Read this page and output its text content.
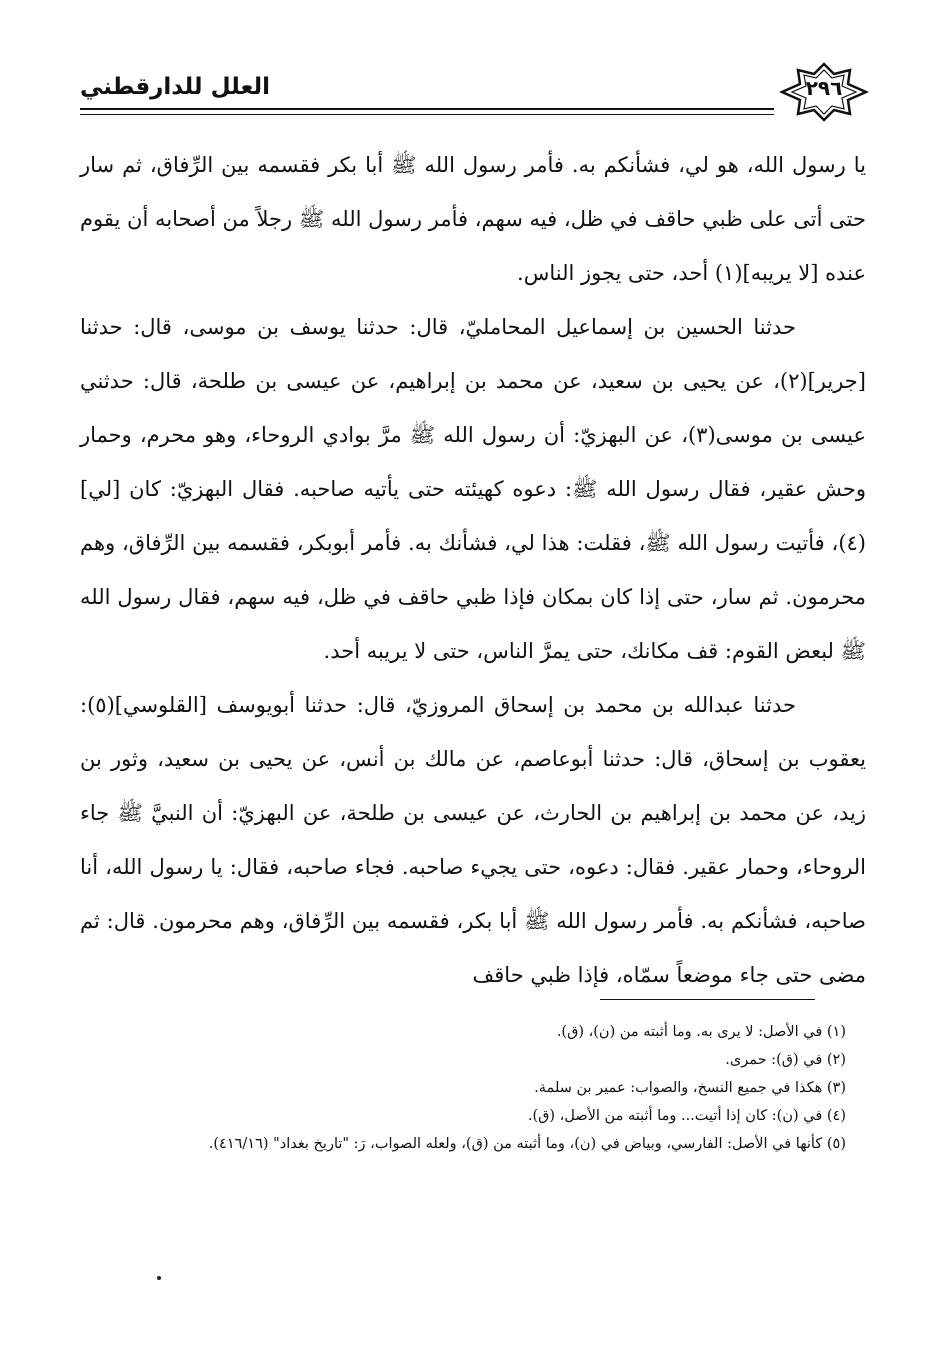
العلل للدارقطني	٢٩٦

يا رسول الله، هو لي، فشأنكم به. فأمر رسول الله ﷺ أبا بكر فقسمه بين الرِّفاق، ثم سار حتى أتى على ظبي حاقف في ظل، فيه سهم، فأمر رسول الله ﷺ رجلاً من أصحابه أن يقوم عنده [لا يريبه](١) أحد، حتى يجوز الناس.

حدثنا الحسين بن إسماعيل المحامليّ، قال: حدثنا يوسف بن موسى، قال: حدثنا [جرير](٢)، عن يحيى بن سعيد، عن محمد بن إبراهيم، عن عيسى بن طلحة، قال: حدثني عيسى بن موسى(٣)، عن البهزيّ: أن رسول الله ﷺ مرَّ بوادي الروحاء، وهو محرم، وحمار وحش عقير، فقال رسول الله ﷺ: دعوه كهيئته حتى يأتيه صاحبه. فقال البهزيّ: كان [لي](٤)، فأتيت رسول الله ﷺ، فقلت: هذا لي، فشأنك به. فأمر أبوبكر، فقسمه بين الرِّفاق، وهم محرمون. ثم سار، حتى إذا كان بمكان فإذا ظبي حاقف في ظل، فيه سهم، فقال رسول الله ﷺ لبعض القوم: قف مكانك، حتى يمرَّ الناس، حتى لا يريبه أحد.

حدثنا عبدالله بن محمد بن إسحاق المروزيّ، قال: حدثنا أبويوسف [القلوسي](٥): يعقوب بن إسحاق، قال: حدثنا أبوعاصم، عن مالك بن أنس، عن يحيى بن سعيد، وثور بن زيد، عن محمد بن إبراهيم بن الحارث، عن عيسى بن طلحة، عن البهزيّ: أن النبيَّ ﷺ جاء الروحاء، وحمار عقير. فقال: دعوه، حتى يجيء صاحبه. فجاء صاحبه، فقال: يا رسول الله، أنا صاحبه، فشأنكم به. فأمر رسول الله ﷺ أبا بكر، فقسمه بين الرِّفاق، وهم محرمون. قال: ثم مضى حتى جاء موضعاً سمّاه، فإذا ظبي حاقف

(١) في الأصل: لا يرى به. وما أثبته من (ن)، (ق).

(٢) في (ق): حمرى.

(٣) هكذا في جميع النسخ، والصواب: عمير بن سلمة.

(٤) في (ن): كان إذا أتيت... وما أثبته من الأصل، (ق).

(٥) كأنها في الأصل: الفارسي، وبياض في (ن)، وما أثبته من (ق)، ولعله الصواب، رَ: "تاريخ بغداد" (٤١٦/١٦).
